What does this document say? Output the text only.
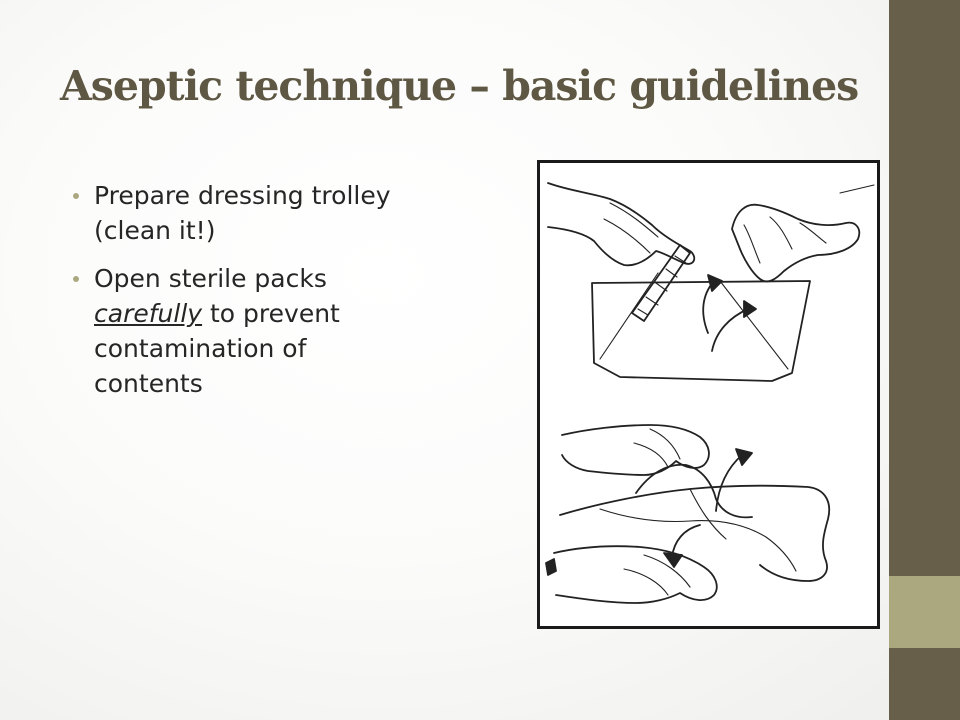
Aseptic technique – basic guidelines
Prepare dressing trolley
(clean it!)
Open sterile packs
carefully to prevent
contamination of
contents
